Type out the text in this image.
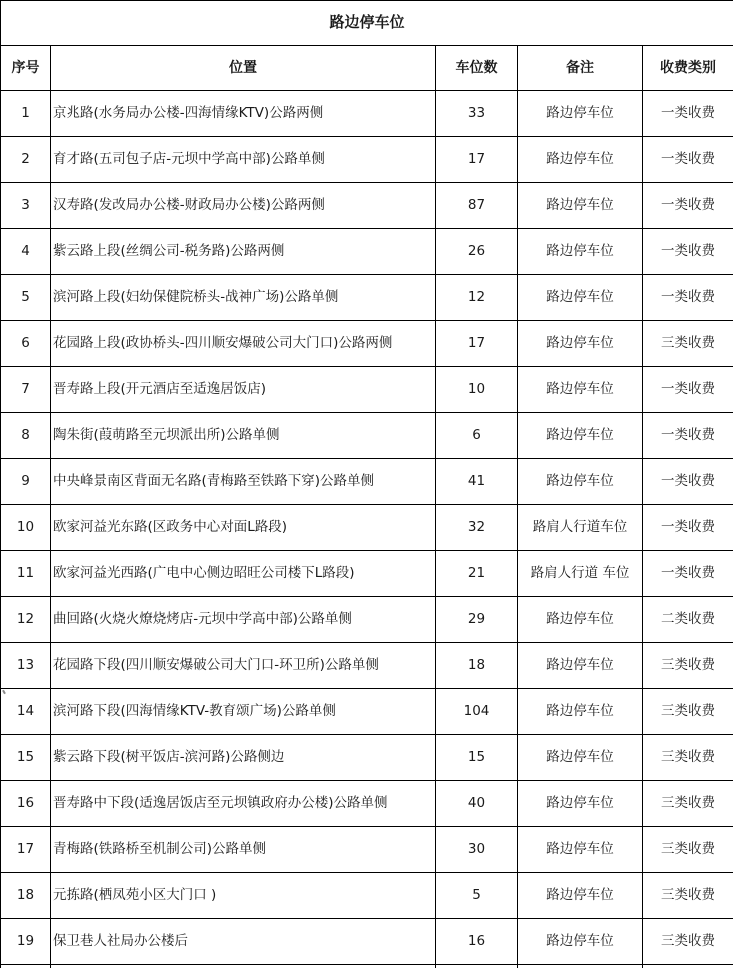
路边停车位				
序号	位置	车位数	备注	收费类别
1	京兆路(水务局办公楼-四海情缘KTV)公路两侧	33	路边停车位	一类收费
2	育才路(五司包子店-元坝中学高中部)公路单侧	17	路边停车位	一类收费
3	汉寿路(发改局办公楼-财政局办公楼)公路两侧	87	路边停车位	一类收费
4	紫云路上段(丝绸公司-税务路)公路两侧	26	路边停车位	一类收费
5	滨河路上段(妇幼保健院桥头-战神广场)公路单侧	12	路边停车位	一类收费
6	花园路上段(政协桥头-四川顺安爆破公司大门口)公路两侧	17	路边停车位	三类收费
7	晋寿路上段(开元酒店至适逸居饭店)	10	路边停车位	一类收费
8	陶朱街(葭萌路至元坝派出所)公路单侧	6	路边停车位	一类收费
9	中央峰景南区背面无名路(青梅路至铁路下穿)公路单侧	41	路边停车位	一类收费
10	欧家河益光东路(区政务中心对面L路段)	32	路肩人行道车位	一类收费
11	欧家河益光西路(广电中心侧边昭旺公司楼下L路段)	21	路肩人行道 车位	一类收费
12	曲回路(火烧火燎烧烤店-元坝中学高中部)公路单侧	29	路边停车位	二类收费
13	花园路下段(四川顺安爆破公司大门口-环卫所)公路单侧	18	路边停车位	三类收费
14	滨河路下段(四海情缘KTV-教育颂广场)公路单侧	104	路边停车位	三类收费
15	紫云路下段(树平饭店-滨河路)公路侧边	15	路边停车位	三类收费
16	晋寿路中下段(适逸居饭店至元坝镇政府办公楼)公路单侧	40	路边停车位	三类收费
17	青梅路(铁路桥至机制公司)公路单侧	30	路边停车位	三类收费
18	元拣路(栖凤苑小区大门口 )	5	路边停车位	三类收费
19	保卫巷人社局办公楼后	16	路边停车位	三类收费
